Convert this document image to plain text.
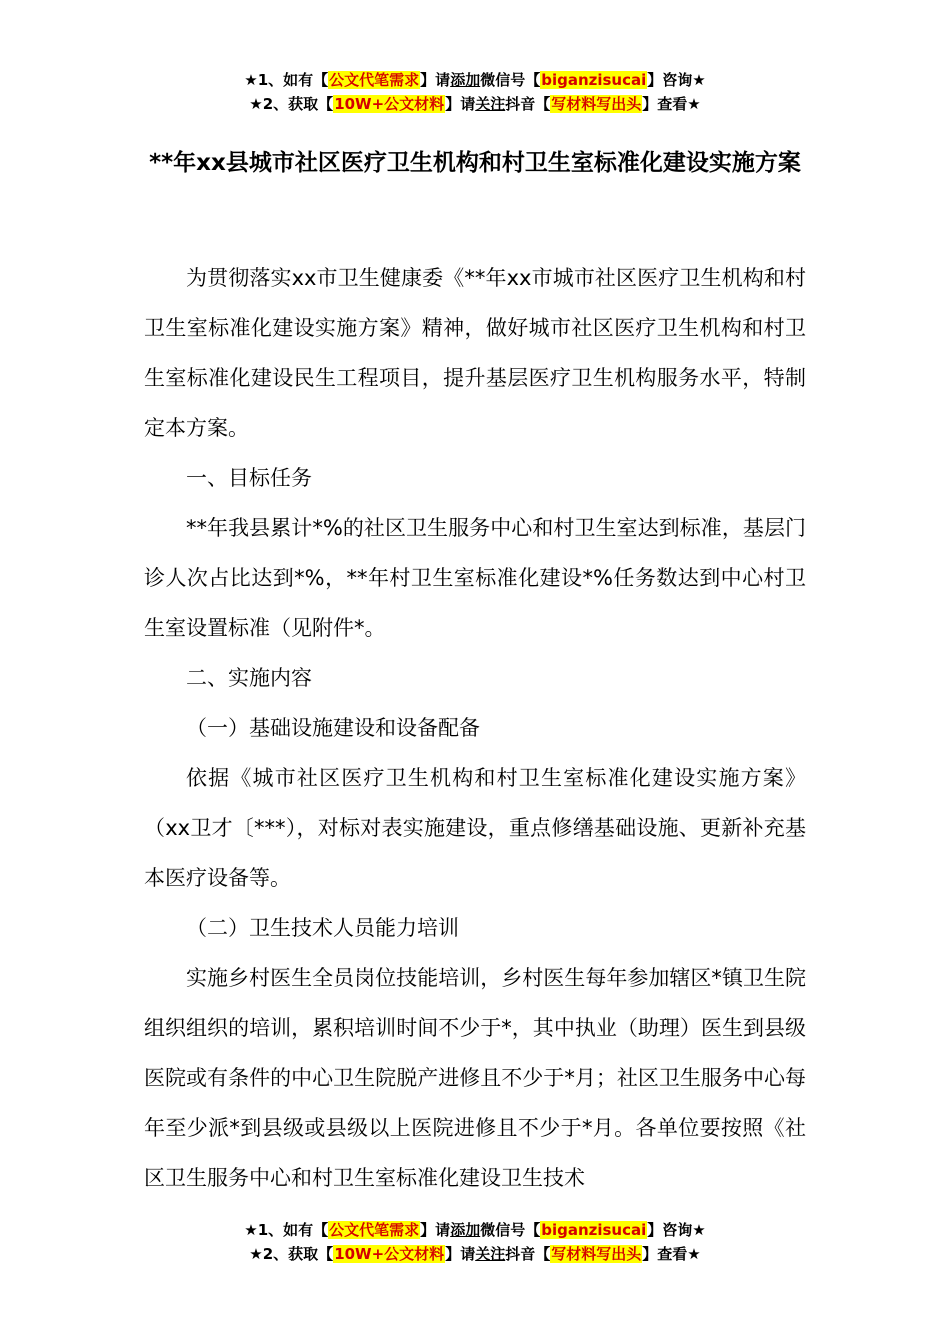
★1、如有【公文代笔需求】请添加微信号【biganzisucai】咨询★
★2、获取【10W+公文材料】请关注抖音【写材料写出头】查看★
**年xx县城市社区医疗卫生机构和村卫生室标准化建设实施方案

为贯彻落实xx市卫生健康委《**年xx市城市社区医疗卫生机构和村卫生室标准化建设实施方案》精神，做好城市社区医疗卫生机构和村卫生室标准化建设民生工程项目，提升基层医疗卫生机构服务水平，特制定本方案。

一、目标任务

**年我县累计*%的社区卫生服务中心和村卫生室达到标准，基层门诊人次占比达到*%，**年村卫生室标准化建设*%任务数达到中心村卫生室设置标准（见附件*。

二、实施内容

（一）基础设施建设和设备配备

依据《城市社区医疗卫生机构和村卫生室标准化建设实施方案》（xx卫才〔***），对标对表实施建设，重点修缮基础设施、更新补充基本医疗设备等。

（二）卫生技术人员能力培训

实施乡村医生全员岗位技能培训，乡村医生每年参加辖区*镇卫生院组织组织的培训，累积培训时间不少于*，其中执业（助理）医生到县级医院或有条件的中心卫生院脱产进修且不少于*月；社区卫生服务中心每年至少派*到县级或县级以上医院进修且不少于*月。各单位要按照《社区卫生服务中心和村卫生室标准化建设卫生技术

★1、如有【公文代笔需求】请添加微信号【biganzisucai】咨询★
★2、获取【10W+公文材料】请关注抖音【写材料写出头】查看★
